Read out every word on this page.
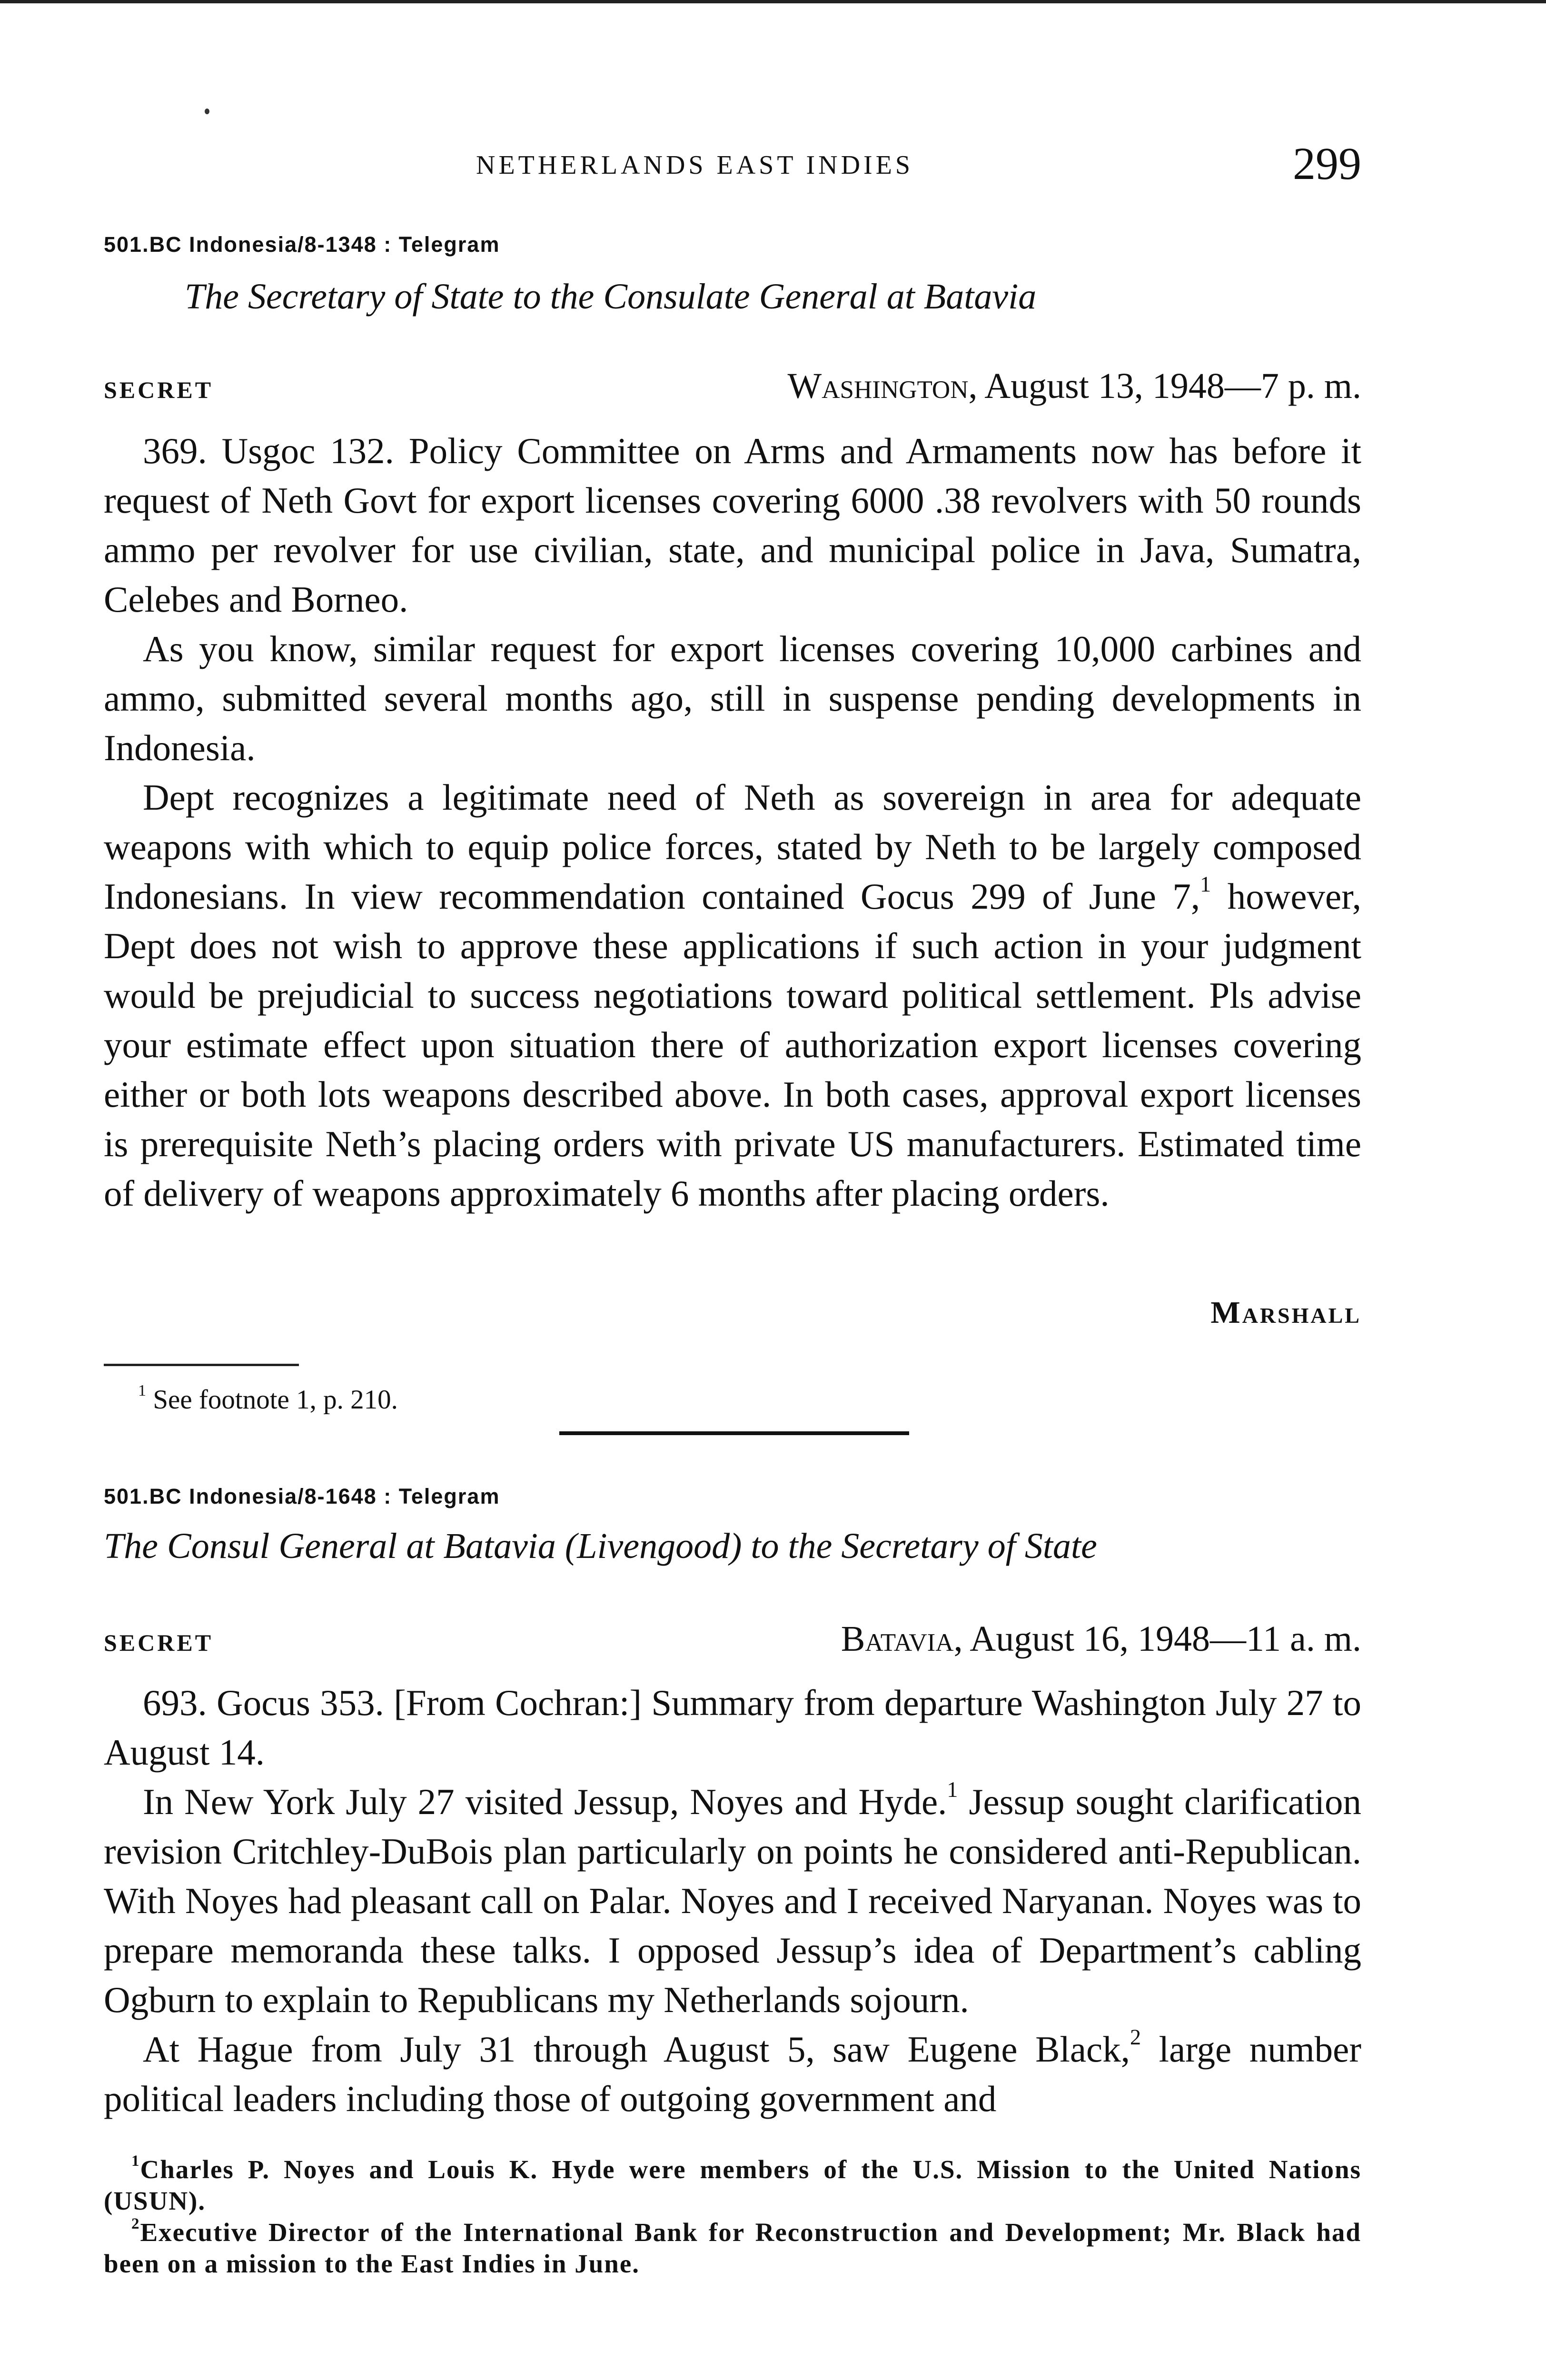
NETHERLANDS EAST INDIES	299
501.BC Indonesia/8-1348 : Telegram
The Secretary of State to the Consulate General at Batavia
SECRET	Washington, August 13, 1948—7 p. m.

369. Usgoc 132. Policy Committee on Arms and Armaments now has before it request of Neth Govt for export licenses covering 6000 .38 revolvers with 50 rounds ammo per revolver for use civilian, state, and municipal police in Java, Sumatra, Celebes and Borneo.

As you know, similar request for export licenses covering 10,000 carbines and ammo, submitted several months ago, still in suspense pending developments in Indonesia.

Dept recognizes a legitimate need of Neth as sovereign in area for adequate weapons with which to equip police forces, stated by Neth to be largely composed Indonesians. In view recommendation contained Gocus 299 of June 7,$^1$ however, Dept does not wish to approve these applications if such action in your judgment would be prejudicial to success negotiations toward political settlement. Pls advise your estimate effect upon situation there of authorization export licenses covering either or both lots weapons described above. In both cases, approval export licenses is prerequisite Neth’s placing orders with private US manufacturers. Estimated time of delivery of weapons approximately 6 months after placing orders.

Marshall
$^1$ See footnote 1, p. 210.
501.BC Indonesia/8-1648 : Telegram
The Consul General at Batavia (Livengood) to the Secretary of State
SECRET	Batavia, August 16, 1948—11 a. m.

693. Gocus 353. [From Cochran:] Summary from departure Washington July 27 to August 14.

In New York July 27 visited Jessup, Noyes and Hyde.$^1$ Jessup sought clarification revision Critchley-DuBois plan particularly on points he considered anti-Republican. With Noyes had pleasant call on Palar. Noyes and I received Naryanan. Noyes was to prepare memoranda these talks. I opposed Jessup’s idea of Department’s cabling Ogburn to explain to Republicans my Netherlands sojourn.

At Hague from July 31 through August 5, saw Eugene Black,$^2$ large number political leaders including those of outgoing government and

$^1$Charles P. Noyes and Louis K. Hyde were members of the U.S. Mission to the United Nations (USUN).

$^2$Executive Director of the International Bank for Reconstruction and Development; Mr. Black had been on a mission to the East Indies in June.
